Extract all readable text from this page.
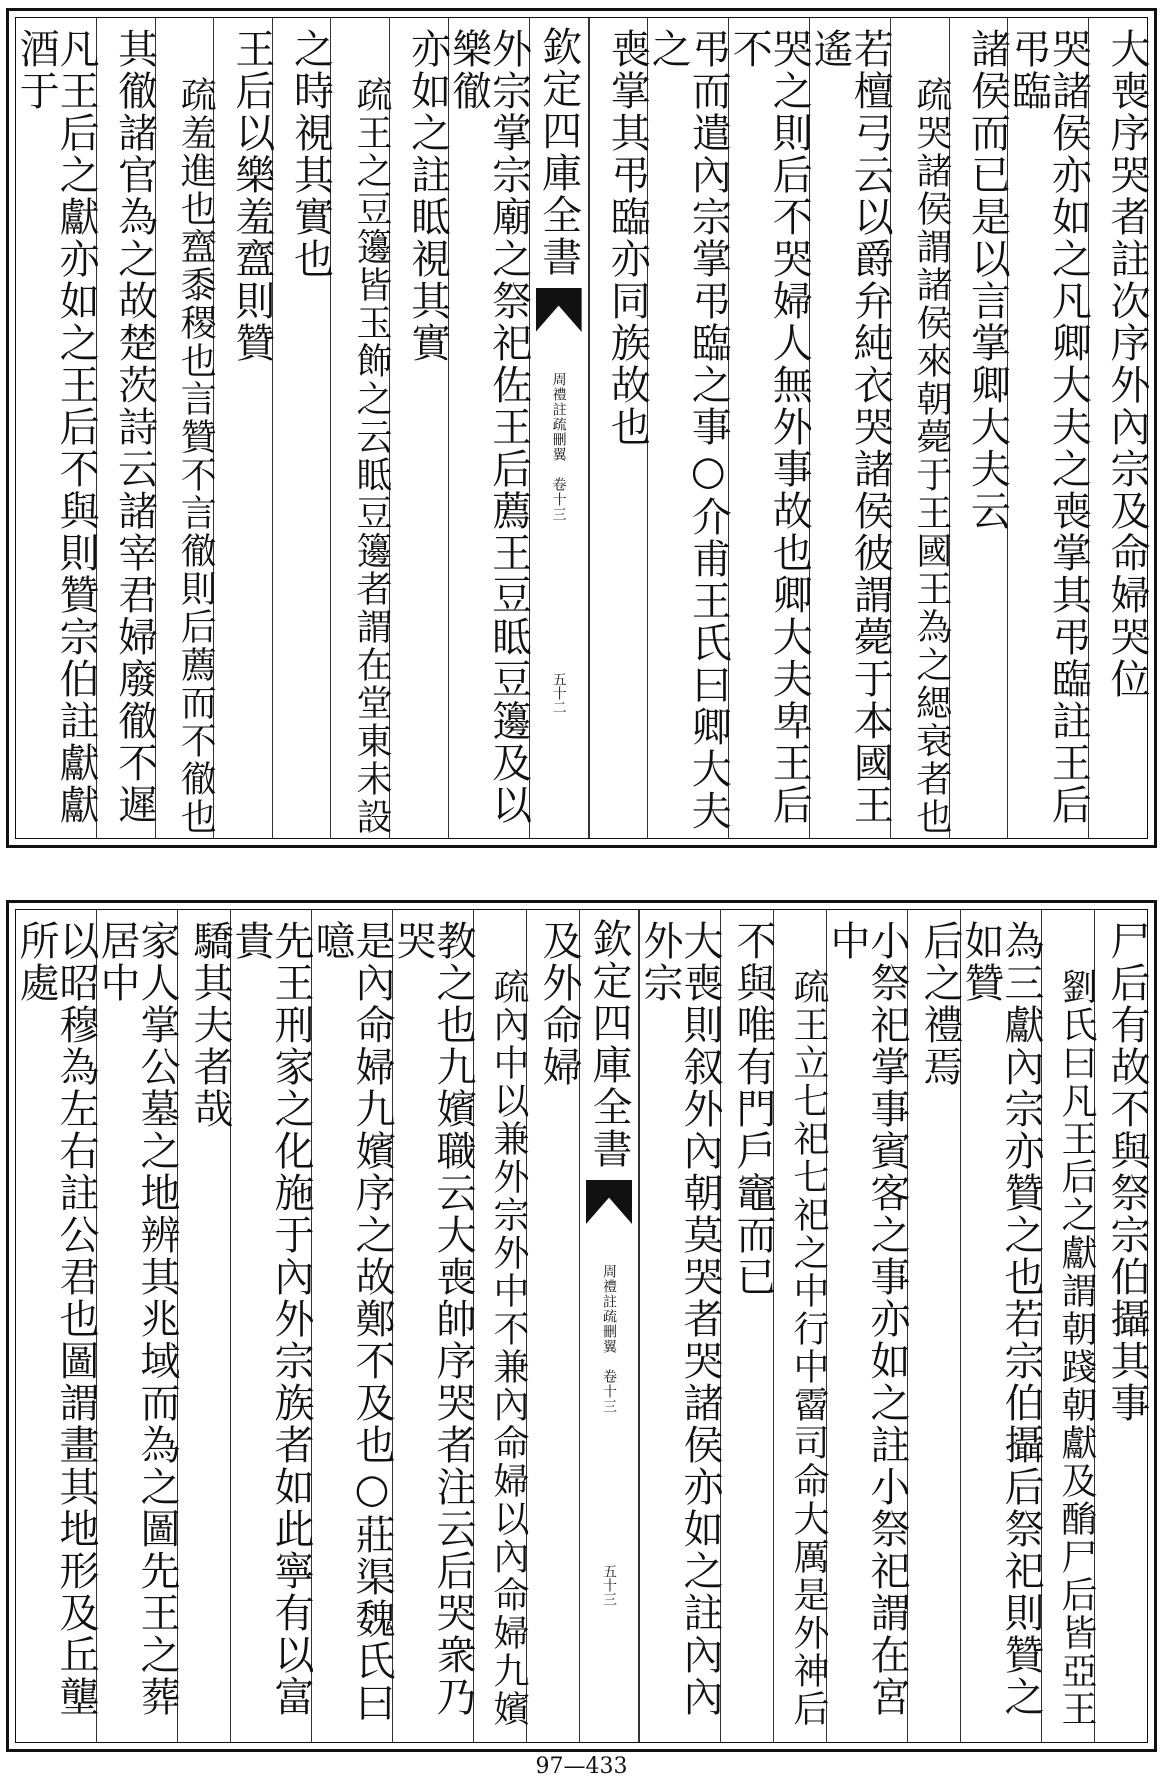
大喪序哭者註次序外內宗及命婦哭位
哭諸侯亦如之凡卿大夫之喪掌其弔臨註王后弔臨
諸侯而已是以言掌卿大夫云
疏哭諸侯謂諸侯來朝薨于王國王為之緦衰者也
若檀弓云以爵弁純衣哭諸侯彼謂薨于本國王遙
哭之則后不哭婦人無外事故也卿大夫卑王后不
弔而遣內宗掌弔臨之事○介甫王氏曰卿大夫之
喪掌其弔臨亦同族故也
欽定四庫全書
周禮註疏刪翼　卷十三
五十二
外宗掌宗廟之祭祀佐王后薦王豆眡豆籩及以樂徹
亦如之註眡視其實
疏王之豆籩皆玉飾之云眡豆籩者謂在堂東未設
之時視其實也
王后以樂羞齍則贊
疏羞進也齍黍稷也言贊不言徹則后薦而不徹也
其徹諸官為之故楚茨詩云諸宰君婦廢徹不遲
凡王后之獻亦如之王后不與則贊宗伯註獻獻酒于
尸后有故不與祭宗伯攝其事
劉氏曰凡王后之獻謂朝踐朝獻及酳尸后皆亞王
為三獻內宗亦贊之也若宗伯攝后祭祀則贊之如贊
后之禮焉
小祭祀掌事賓客之事亦如之註小祭祀謂在宮中
疏王立七祀七祀之中行中霤司命大厲是外神后
不與唯有門戶竈而已
大喪則叙外內朝莫哭者哭諸侯亦如之註內內外宗
欽定四庫全書
周禮註疏刪翼　卷十三
五十三
及外命婦
疏內中以兼外宗外中不兼內命婦以內命婦九嬪
教之也九嬪職云大喪帥序哭者注云后哭衆乃哭
是內命婦九嬪序之故鄭不及也○莊渠魏氏曰噫
先王刑家之化施于內外宗族者如此寧有以富貴
驕其夫者哉
家人掌公墓之地辨其兆域而為之圖先王之葬居中
以昭穆為左右註公君也圖謂畫其地形及丘壟所處
97—433
